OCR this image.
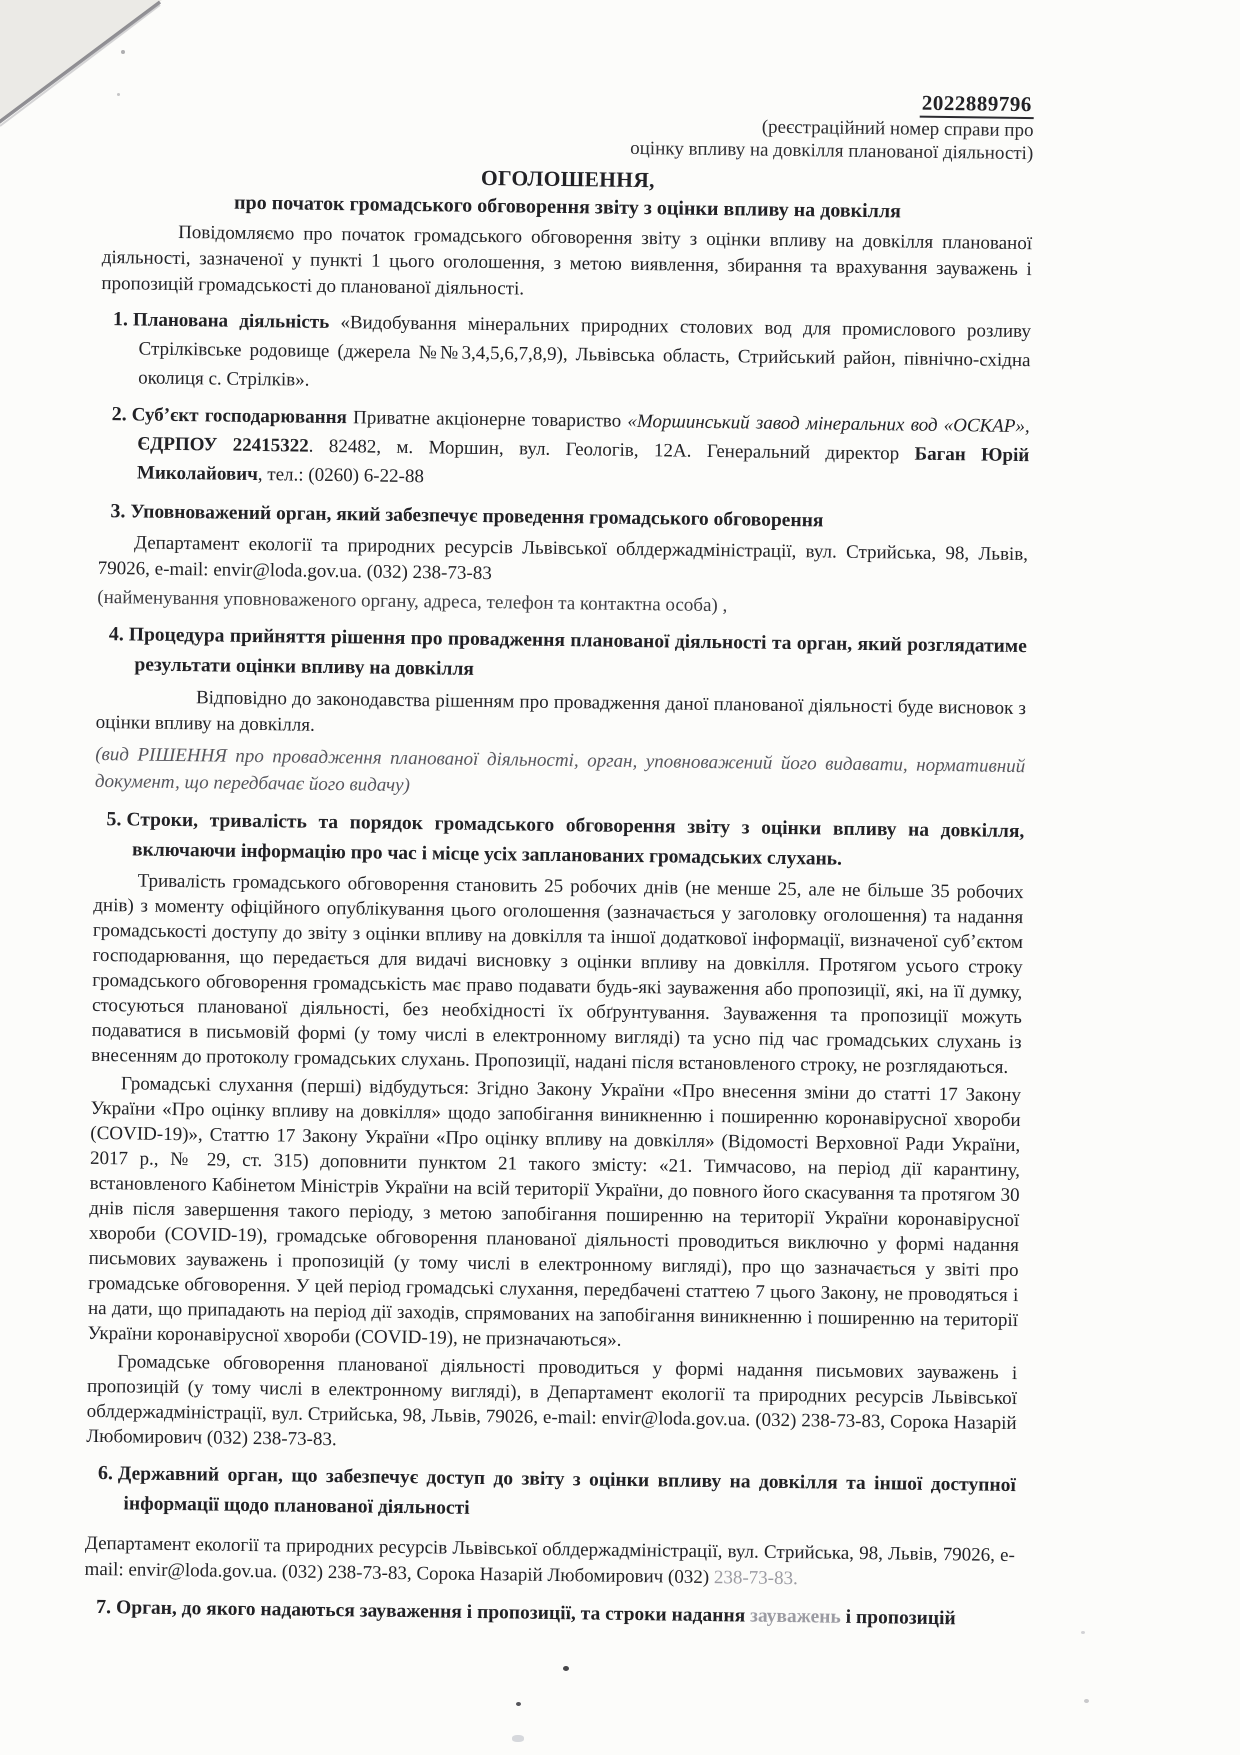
2022889796
(реєстраційний номер справи про
оцінку впливу на довкілля планованої діяльності)
ОГОЛОШЕННЯ,
про початок громадського обговорення звіту з оцінки впливу на довкілля

Повідомляємо про початок громадського обговорення звіту з оцінки впливу на довкілля планованої діяльності, зазначеної у пункті 1 цього оголошення, з метою виявлення, збирання та врахування зауважень і пропозицій громадськості до планованої діяльності.

1. Планована діяльність «Видобування мінеральних природних столових вод для промислового розливу Стрілківське родовище (джерела №№3,4,5,6,7,8,9), Львівська область, Стрийський район, північно-східна околиця с. Стрілків».

2. Суб’єкт господарювання Приватне акціонерне товариство «Моршинський завод мінеральних вод «ОСКАР», ЄДРПОУ 22415322. 82482, м. Моршин, вул. Геологів, 12А. Генеральний директор Баган Юрій Миколайович, тел.: (0260) 6-22-88

3. Уповноважений орган, який забезпечує проведення громадського обговорення

Департамент екології та природних ресурсів Львівської облдержадміністрації, вул. Стрийська, 98, Львів, 79026, e-mail: envir@loda.gov.ua. (032) 238-73-83

(найменування уповноваженого органу, адреса, телефон та контактна особа) ,

4. Процедура прийняття рішення про провадження планованої діяльності та орган, який розглядатиме результати оцінки впливу на довкілля

Відповідно до законодавства рішенням про провадження даної планованої діяльності буде висновок з оцінки впливу на довкілля.

(вид РІШЕННЯ про провадження планованої діяльності, орган, уповноважений його видавати, нормативний документ, що передбачає його видачу)

5. Строки, тривалість та порядок громадського обговорення звіту з оцінки впливу на довкілля, включаючи інформацію про час і місце усіх запланованих громадських слухань.

Тривалість громадського обговорення становить 25 робочих днів (не менше 25, але не більше 35 робочих днів) з моменту офіційного опублікування цього оголошення (зазначається у заголовку оголошення) та надання громадськості доступу до звіту з оцінки впливу на довкілля та іншої додаткової інформації, визначеної суб’єктом господарювання, що передається для видачі висновку з оцінки впливу на довкілля. Протягом усього строку громадського обговорення громадськість має право подавати будь-які зауваження або пропозиції, які, на її думку, стосуються планованої діяльності, без необхідності їх обґрунтування. Зауваження та пропозиції можуть подаватися в письмовій формі (у тому числі в електронному вигляді) та усно під час громадських слухань із внесенням до протоколу громадських слухань. Пропозиції, надані після встановленого строку, не розглядаються.

Громадські слухання (перші) відбудуться: Згідно Закону України «Про внесення зміни до статті 17 Закону України «Про оцінку впливу на довкілля» щодо запобігання виникненню і поширенню коронавірусної хвороби (COVID-19)», Статтю 17 Закону України «Про оцінку впливу на довкілля» (Відомості Верховної Ради України, 2017 р., № 29, ст. 315) доповнити пунктом 21 такого змісту: «21. Тимчасово, на період дії карантину, встановленого Кабінетом Міністрів України на всій території України, до повного його скасування та протягом 30 днів після завершення такого періоду, з метою запобігання поширенню на території України коронавірусної хвороби (COVID-19), громадське обговорення планованої діяльності проводиться виключно у формі надання письмових зауважень і пропозицій (у тому числі в електронному вигляді), про що зазначається у звіті про громадське обговорення. У цей період громадські слухання, передбачені статтею 7 цього Закону, не проводяться і на дати, що припадають на період дії заходів, спрямованих на запобігання виникненню і поширенню на території України коронавірусної хвороби (COVID-19), не призначаються».

Громадське обговорення планованої діяльності проводиться у формі надання письмових зауважень і пропозицій (у тому числі в електронному вигляді), в Департамент екології та природних ресурсів Львівської облдержадміністрації, вул. Стрийська, 98, Львів, 79026, e-mail: envir@loda.gov.ua. (032) 238-73-83, Сорока Назарій Любомирович (032) 238-73-83.

6. Державний орган, що забезпечує доступ до звіту з оцінки впливу на довкілля та іншої доступної інформації щодо планованої діяльності

Департамент екології та природних ресурсів Львівської облдержадміністрації, вул. Стрийська, 98, Львів, 79026, e-mail: envir@loda.gov.ua. (032) 238-73-83, Сорока Назарій Любомирович (032) 238-73-83.

7. Орган, до якого надаються зауваження і пропозиції, та строки надання зауважень і пропозицій
